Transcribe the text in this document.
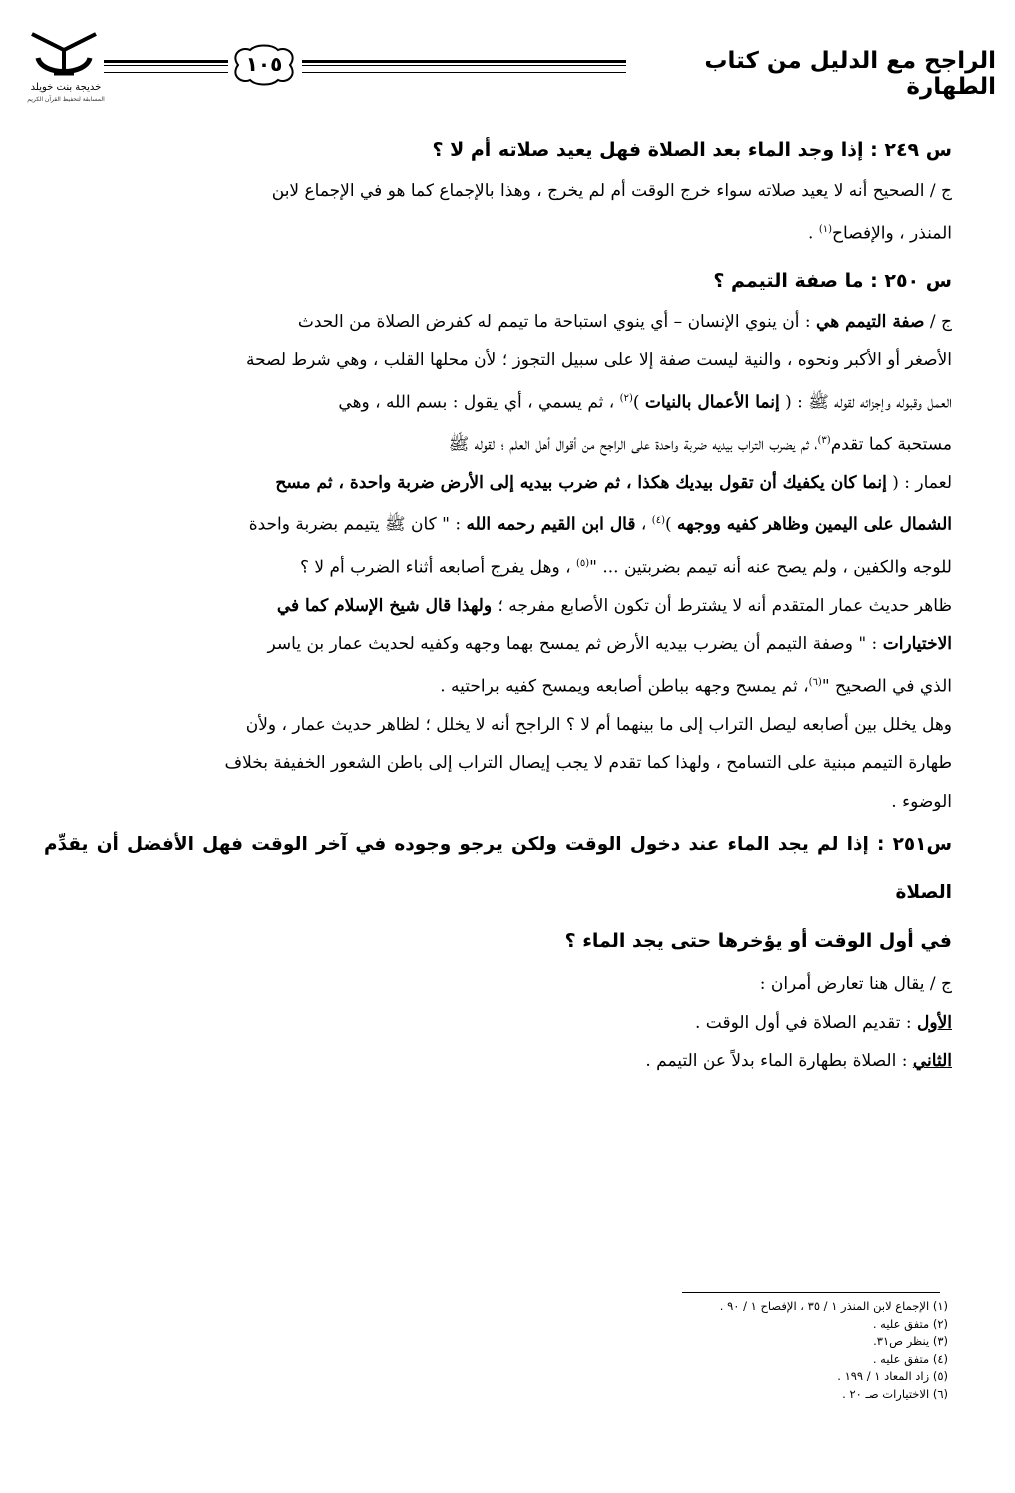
خديجة بنت خويلد
المسابقة لتحفيظ القرآن الكريم
١٠٥	الراجح مع الدليل من كتاب الطهارة

س ٢٤٩ : إذا وجد الماء بعد الصلاة فهل يعيد صلاته أم لا ؟

ج / الصحيح أنه لا يعيد صلاته سواء خرج الوقت أم لم يخرج ، وهذا بالإجماع كما هو في الإجماع لابن

المنذر ، والإفصاح$^{(١)}$ .

س ٢٥٠ : ما صفة التيمم ؟

ج / صفة التيمم هي : أن ينوي الإنسان – أي ينوي استباحة ما تيمم له كفرض الصلاة من الحدث

الأصغر أو الأكبر ونحوه ، والنية ليست صفة إلا على سبيل التجوز ؛ لأن محلها القلب ، وهي شرط لصحة

العمل وقبوله وإجزائه لقوله ﷺ : ( إنما الأعمال بالنيات )$^{(٢)}$ ، ثم يسمي ، أي يقول : بسم الله ، وهي

مستحبة كما تقدم$^{(٣)}$، ثم يضرب التراب بيديه ضربة واحدة على الراجح من أقوال أهل العلم ؛ لقوله ﷺ

لعمار : ( إنما كان يكفيك أن تقول بيديك هكذا ، ثم ضرب بيديه إلى الأرض ضربة واحدة ، ثم مسح

الشمال على اليمين وظاهر كفيه ووجهه )$^{(٤)}$ ، قال ابن القيم رحمه الله : " كان ﷺ يتيمم بضربة واحدة

للوجه والكفين ، ولم يصح عنه أنه تيمم بضربتين ... "$^{(٥)}$ ، وهل يفرج أصابعه أثناء الضرب أم لا ؟

ظاهر حديث عمار المتقدم أنه لا يشترط أن تكون الأصابع مفرجه ؛ ولهذا قال شيخ الإسلام كما في

الاختيارات : " وصفة التيمم أن يضرب بيديه الأرض ثم يمسح بهما وجهه وكفيه لحديث عمار بن ياسر

الذي في الصحيح "$^{(٦)}$، ثم يمسح وجهه بباطن أصابعه ويمسح كفيه براحتيه .

وهل يخلل بين أصابعه ليصل التراب إلى ما بينهما أم لا ؟ الراجح أنه لا يخلل ؛ لظاهر حديث عمار ، ولأن

طهارة التيمم مبنية على التسامح ، ولهذا كما تقدم لا يجب إيصال التراب إلى باطن الشعور الخفيفة بخلاف

الوضوء .

س٢٥١ : إذا لم يجد الماء عند دخول الوقت ولكن يرجو وجوده في آخر الوقت فهل الأفضل أن يقدِّم الصلاة

في أول الوقت أو يؤخرها حتى يجد الماء ؟

ج / يقال هنا تعارض أمران :

الأول : تقديم الصلاة في أول الوقت .

الثاني : الصلاة بطهارة الماء بدلاً عن التيمم .

(١) الإجماع لابن المنذر ١ / ٣٥ ، الإفصاح ١ / ٩٠ .
(٢) متفق عليه .
(٣) ينظر ص٣١.
(٤) متفق عليه .
(٥) زاد المعاد ١ / ١٩٩ .
(٦) الاختيارات صـ ٢٠ .
